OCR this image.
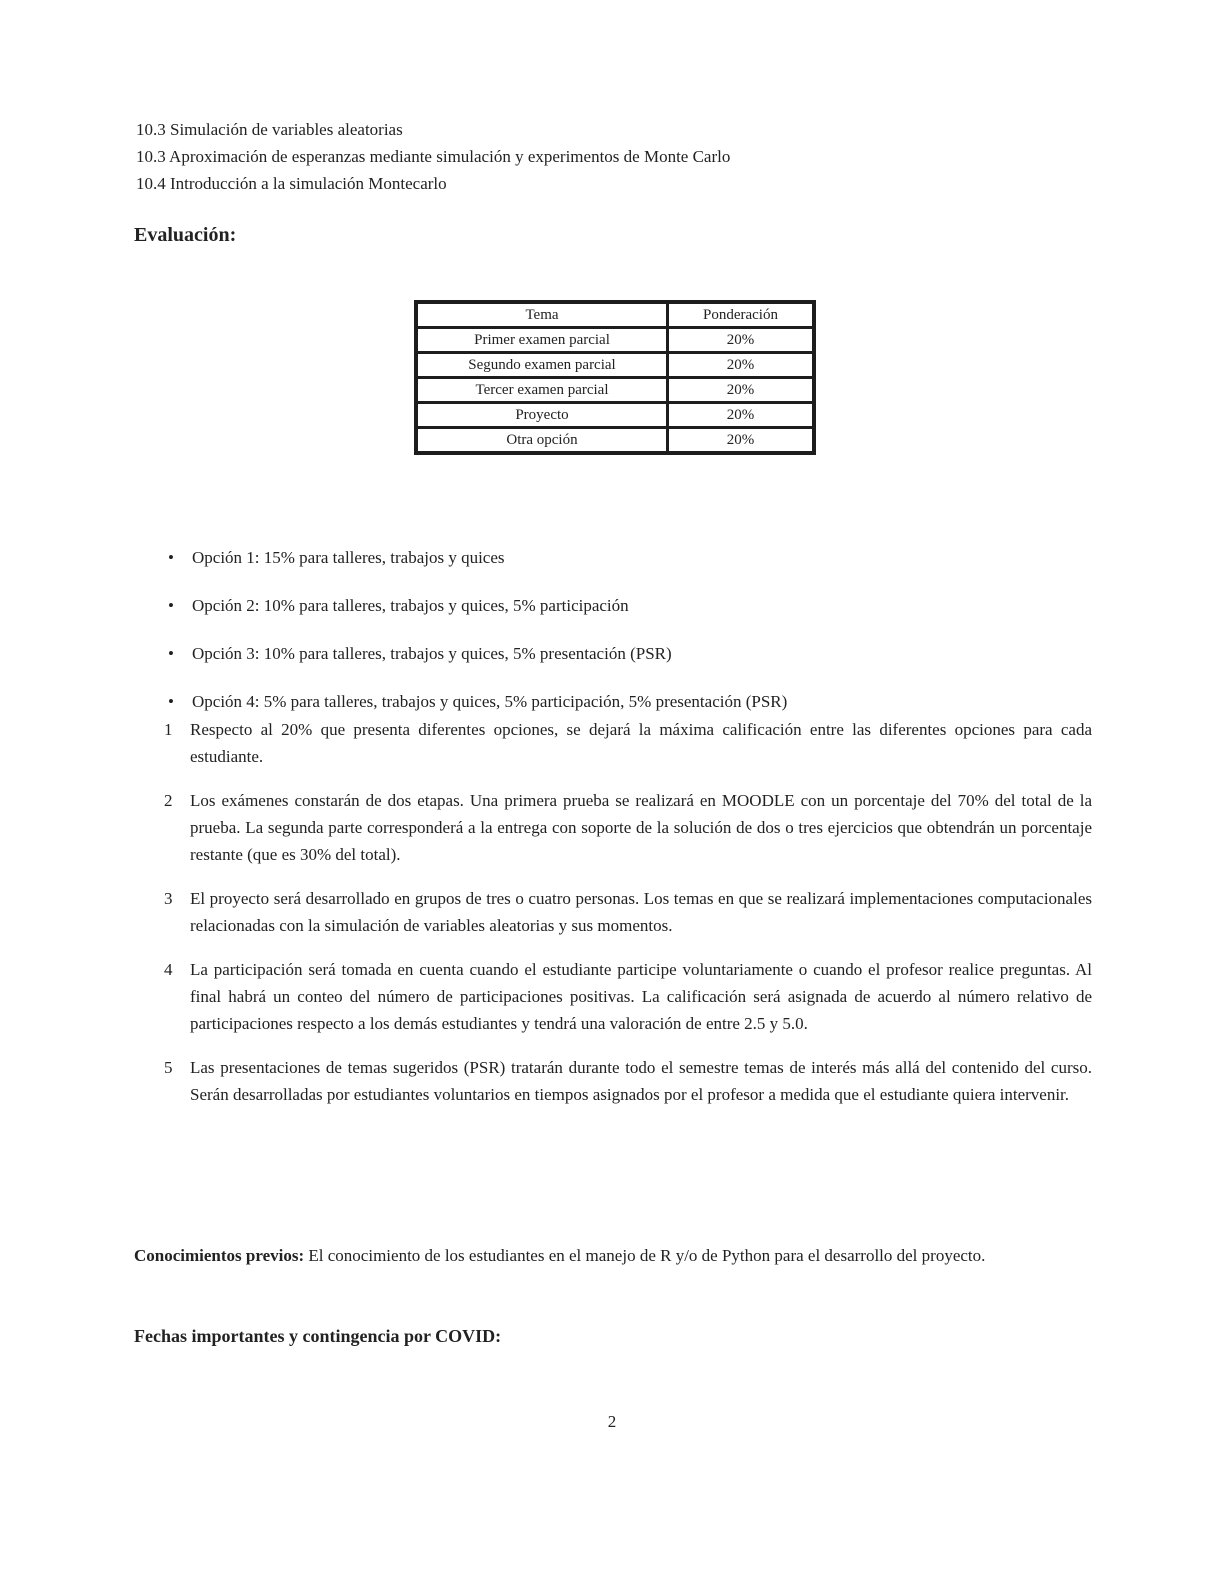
10.3 Simulación de variables aleatorias
10.3 Aproximación de esperanzas mediante simulación y experimentos de Monte Carlo
10.4 Introducción a la simulación Montecarlo
Evaluación:
Tema	Ponderación
Primer examen parcial	20%
Segundo examen parcial	20%
Tercer examen parcial	20%
Proyecto	20%
Otra opción	20%
• Opción 1: 15% para talleres, trabajos y quices
• Opción 2: 10% para talleres, trabajos y quices, 5% participación
• Opción 3: 10% para talleres, trabajos y quices, 5% presentación (PSR)
• Opción 4: 5% para talleres, trabajos y quices, 5% participación, 5% presentación (PSR)
1 Respecto al 20% que presenta diferentes opciones, se dejará la máxima calificación entre las diferentes opciones para cada estudiante.
2 Los exámenes constarán de dos etapas. Una primera prueba se realizará en MOODLE con un porcentaje del 70% del total de la prueba. La segunda parte corresponderá a la entrega con soporte de la solución de dos o tres ejercicios que obtendrán un porcentaje restante (que es 30% del total).
3 El proyecto será desarrollado en grupos de tres o cuatro personas. Los temas en que se realizará implementaciones computacionales relacionadas con la simulación de variables aleatorias y sus momentos.
4 La participación será tomada en cuenta cuando el estudiante participe voluntariamente o cuando el profesor realice preguntas. Al final habrá un conteo del número de participaciones positivas. La calificación será asignada de acuerdo al número relativo de participaciones respecto a los demás estudiantes y tendrá una valoración de entre 2.5 y 5.0.
5 Las presentaciones de temas sugeridos (PSR) tratarán durante todo el semestre temas de interés más allá del contenido del curso. Serán desarrolladas por estudiantes voluntarios en tiempos asignados por el profesor a medida que el estudiante quiera intervenir.
Conocimientos previos: El conocimiento de los estudiantes en el manejo de R y/o de Python para el desarrollo del proyecto.
Fechas importantes y contingencia por COVID:
2
